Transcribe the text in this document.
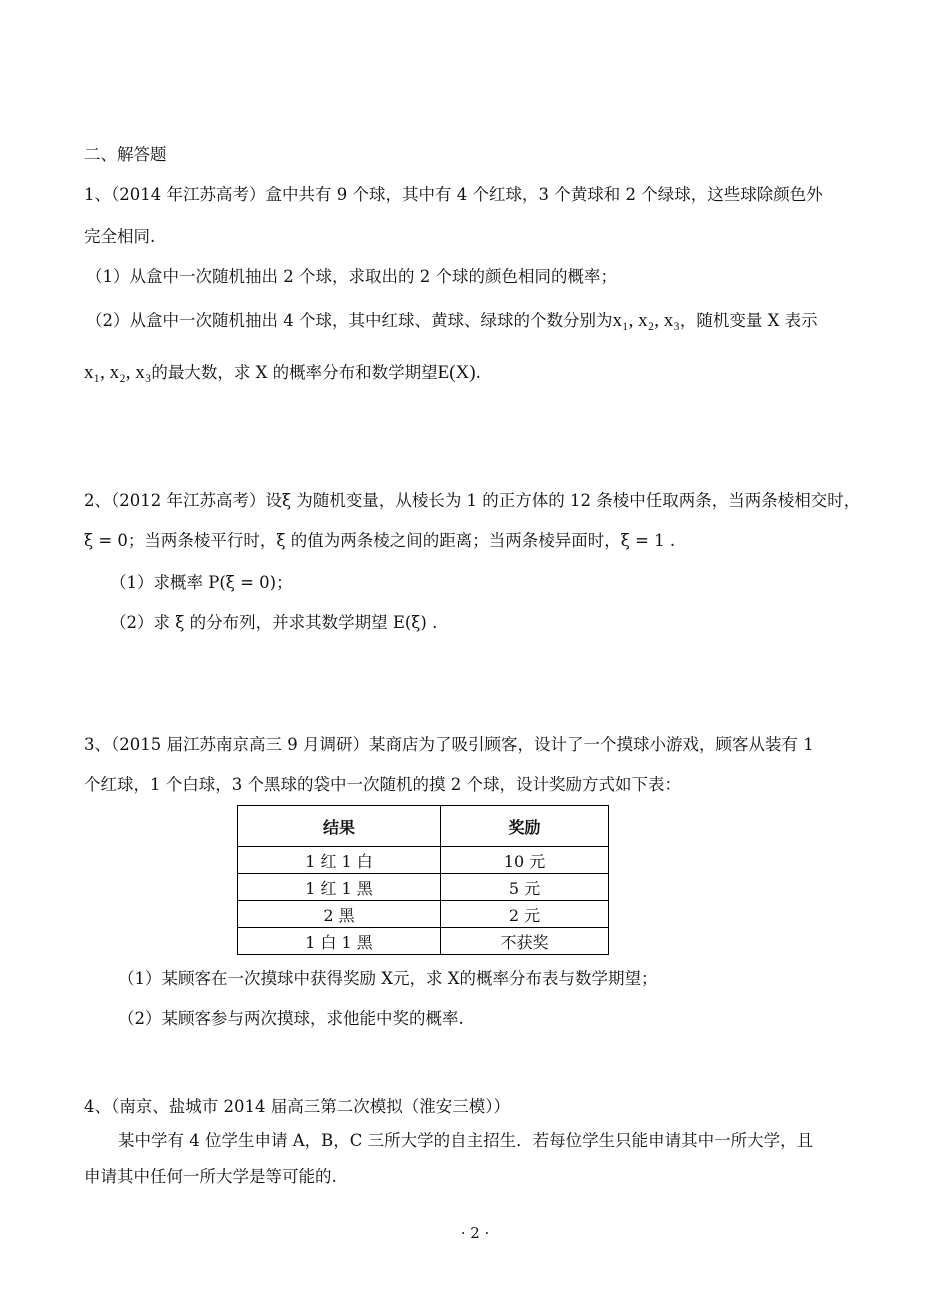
二、解答题
1、（2014 年江苏高考）盒中共有 9 个球，其中有 4 个红球，3 个黄球和 2 个绿球，这些球除颜色外
完全相同.
（1）从盒中一次随机抽出 2 个球，求取出的 2 个球的颜色相同的概率；
（2）从盒中一次随机抽出 4 个球，其中红球、黄球、绿球的个数分别为x₁, x₂, x₃，随机变量 X 表示
x₁, x₂, x₃的最大数，求 X 的概率分布和数学期望E(X).
2、（2012 年江苏高考）设ξ 为随机变量，从棱长为 1 的正方体的 12 条棱中任取两条，当两条棱相交时，
ξ = 0；当两条棱平行时，ξ 的值为两条棱之间的距离；当两条棱异面时，ξ = 1 .
（1）求概率 P(ξ = 0)；
（2）求 ξ 的分布列，并求其数学期望 E(ξ) .
3、（2015 届江苏南京高三 9 月调研）某商店为了吸引顾客，设计了一个摸球小游戏，顾客从装有 1
个红球，1 个白球，3 个黑球的袋中一次随机的摸 2 个球，设计奖励方式如下表：
结果	奖励
1 红 1 白	10 元
1 红 1 黑	5 元
2 黑	2 元
1 白 1 黑	不获奖
（1）某顾客在一次摸球中获得奖励 X元，求 X的概率分布表与数学期望；
（2）某顾客参与两次摸球，求他能中奖的概率.
4、（南京、盐城市 2014 届高三第二次模拟（淮安三模））
某中学有 4 位学生申请 A，B，C 三所大学的自主招生．若每位学生只能申请其中一所大学，且
申请其中任何一所大学是等可能的.
· 2 ·
